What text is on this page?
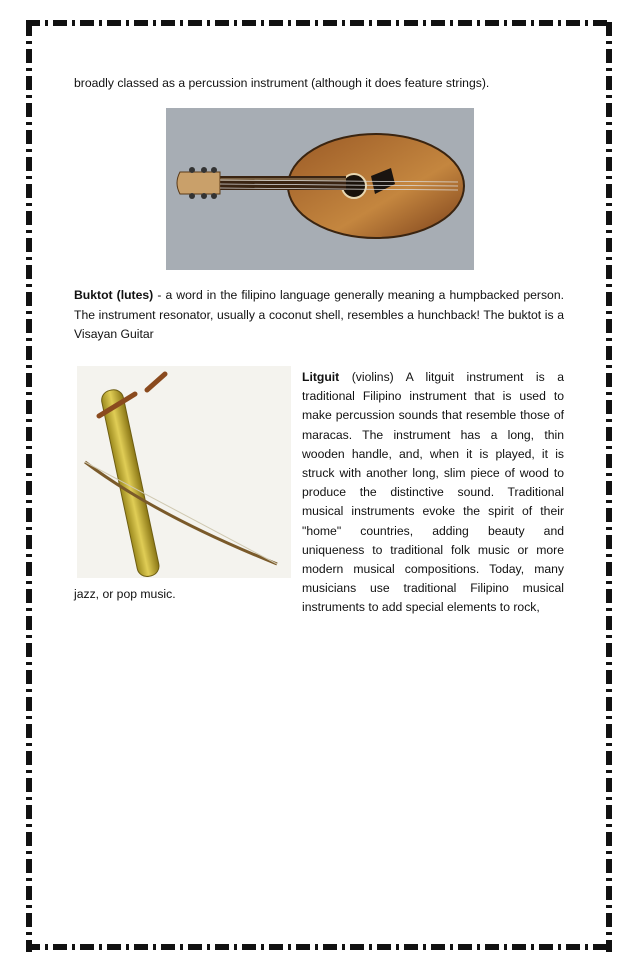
broadly classed as a percussion instrument (although it does feature strings).
Buktot (lutes) - a word in the filipino language generally meaning a humpbacked person. The instrument resonator, usually a coconut shell, resembles a hunchback! The buktot is a Visayan Guitar
Litguit (violins) A litguit instrument is a traditional Filipino instrument that is used to make percussion sounds that resemble those of maracas. The instrument has a long, thin wooden handle, and, when it is played, it is struck with another long, slim piece of wood to produce the distinctive sound. Traditional musical instruments evoke the spirit of their "home" countries, adding beauty and uniqueness to traditional folk music or more modern musical compositions. Today, many musicians use traditional Filipino musical instruments to add special elements to rock,
jazz, or pop music.
